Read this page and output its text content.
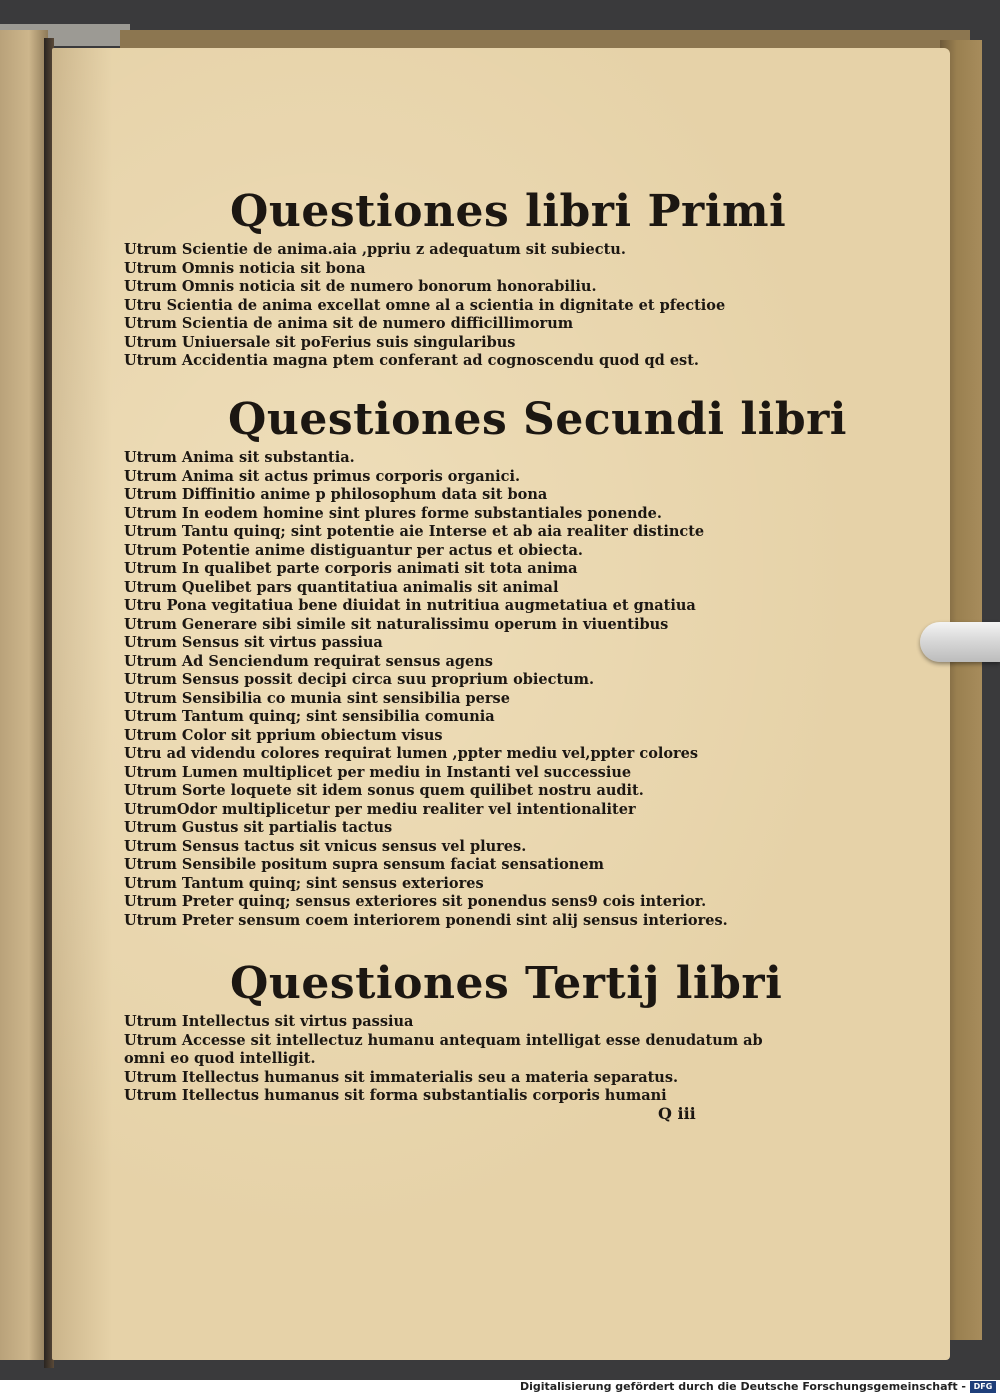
Questiones libri Primi
Utrum Scientie de anima.aia ,ppriu z adequatum sit subiectu.
Utrum Omnis noticia sit bona
Utrum Omnis noticia sit de numero bonorum honorabiliu.
Utru Scientia de anima excellat omne al a scientia in dignitate et pfectioe
Utrum Scientia de anima sit de numero difficillimorum
Utrum Uniuersale sit poFerius suis singularibus
Utrum Accidentia magna ptem conferant ad cognoscendu quod qd est.
Questiones Secundi libri
Utrum Anima sit substantia.
Utrum Anima sit actus primus corporis organici.
Utrum Diffinitio anime p philosophum data sit bona
Utrum In eodem homine sint plures forme substantiales ponende.
Utrum Tantu quinq; sint potentie aie Interse et ab aia realiter distincte
Utrum Potentie anime distiguantur per actus et obiecta.
Utrum In qualibet parte corporis animati sit tota anima
Utrum Quelibet pars quantitatiua animalis sit animal
Utru Pona vegitatiua bene diuidat in nutritiua augmetatiua et gnatiua
Utrum Generare sibi simile sit naturalissimu operum in viuentibus
Utrum Sensus sit virtus passiua
Utrum Ad Senciendum requirat sensus agens
Utrum Sensus possit decipi circa suu proprium obiectum.
Utrum Sensibilia co munia sint sensibilia perse
Utrum Tantum quinq; sint sensibilia comunia
Utrum Color sit pprium obiectum visus
Utru ad videndu colores requirat lumen ,ppter mediu vel,ppter colores
Utrum Lumen multiplicet per mediu in Instanti vel successiue
Utrum Sorte loquete sit idem sonus quem quilibet nostru audit.
UtrumOdor multiplicetur per mediu realiter vel intentionaliter
Utrum Gustus sit partialis tactus
Utrum Sensus tactus sit vnicus sensus vel plures.
Utrum Sensibile positum supra sensum faciat sensationem
Utrum Tantum quinq; sint sensus exteriores
Utrum Preter quinq; sensus exteriores sit ponendus sens9 cois interior.
Utrum Preter sensum coem interiorem ponendi sint alij sensus interiores.
Questiones Tertij libri
Utrum Intellectus sit virtus passiua
Utrum Accesse sit intellectuz humanu antequam intelligat esse denudatum ab
omni eo quod intelligit.
Utrum Itellectus humanus sit immaterialis seu a materia separatus.
Utrum Itellectus humanus sit forma substantialis corporis humani
Q iii
Digitalisierung gefördert durch die Deutsche Forschungsgemeinschaft - DFG
